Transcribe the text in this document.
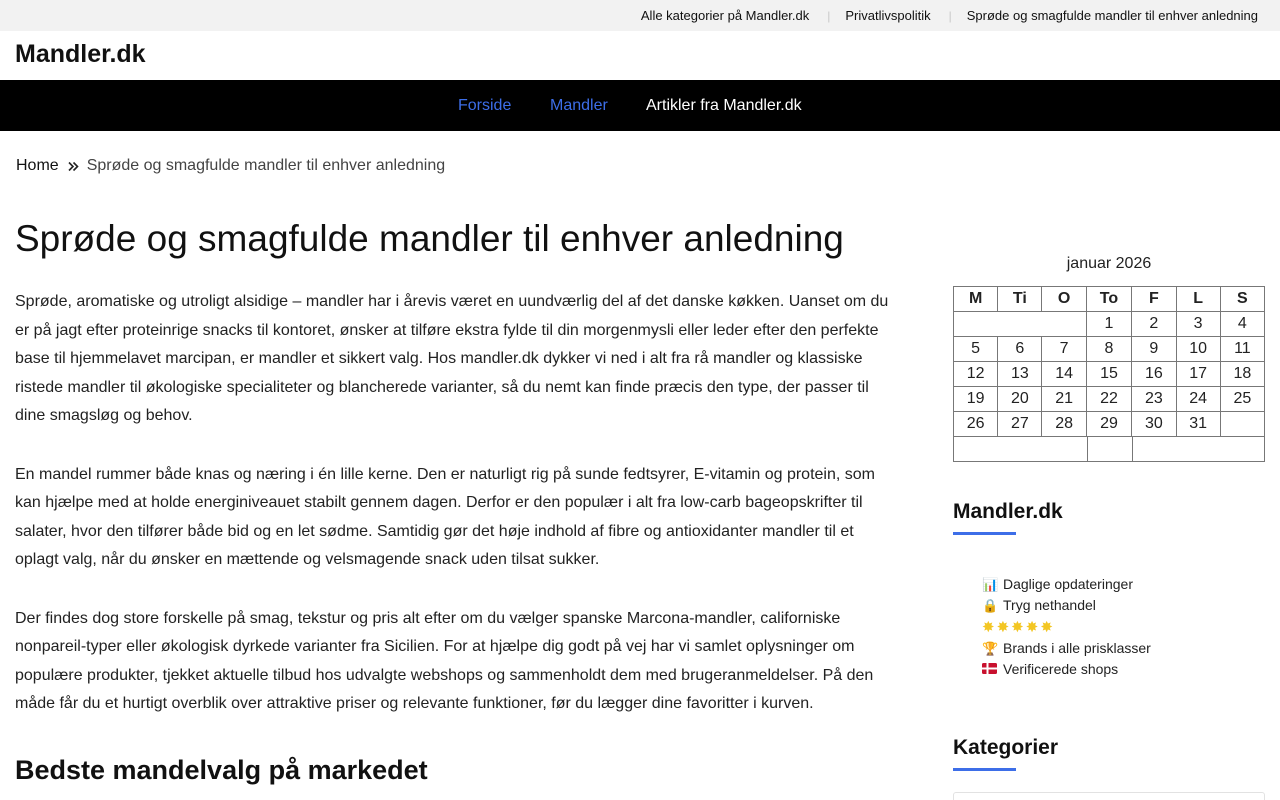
Alle kategorier på Mandler.dk | Privatlivspolitik | Sprøde og smagfulde mandler til enhver anledning
Mandler.dk
Forside Mandler Artikler fra Mandler.dk
Home Sprøde og smagfulde mandler til enhver anledning
Sprøde og smagfulde mandler til enhver anledning

Sprøde, aromatiske og utroligt alsidige – mandler har i årevis været en uundværlig del af det danske køkken. Uanset om du er på jagt efter proteinrige snacks til kontoret, ønsker at tilføre ekstra fylde til din morgenmysli eller leder efter den perfekte base til hjemmelavet marcipan, er mandler et sikkert valg. Hos mandler.dk dykker vi ned i alt fra rå mandler og klassiske ristede mandler til økologiske specialiteter og blancherede varianter, så du nemt kan finde præcis den type, der passer til dine smagsløg og behov.

En mandel rummer både knas og næring i én lille kerne. Den er naturligt rig på sunde fedtsyrer, E-vitamin og protein, som kan hjælpe med at holde energiniveauet stabilt gennem dagen. Derfor er den populær i alt fra low-carb bageopskrifter til salater, hvor den tilfører både bid og en let sødme. Samtidig gør det høje indhold af fibre og antioxidanter mandler til et oplagt valg, når du ønsker en mættende og velsmagende snack uden tilsat sukker.

Der findes dog store forskelle på smag, tekstur og pris alt efter om du vælger spanske Marcona-mandler, californiske nonpareil-typer eller økologisk dyrkede varianter fra Sicilien. For at hjælpe dig godt på vej har vi samlet oplysninger om populære produkter, tjekket aktuelle tilbud hos udvalgte webshops og sammenholdt dem med brugeranmeldelser. På den måde får du et hurtigt overblik over attraktive priser og relevante funktioner, før du lægger dine favoritter i kurven.

Bedste mandelvalg på markedet
januar 2026
M	Ti	O	To	F	L	S
			1	2	3	4
5	6	7	8	9	10	11
12	13	14	15	16	17	18
19	20	21	22	23	24	25
26	27	28	29	30	31	
Mandler.dk
📊 Daglige opdateringer
🔒 Tryg nethandel
✸ ✸ ✸ ✸ ✸
🏆 Brands i alle prisklasser
Verificerede shops
Kategorier
